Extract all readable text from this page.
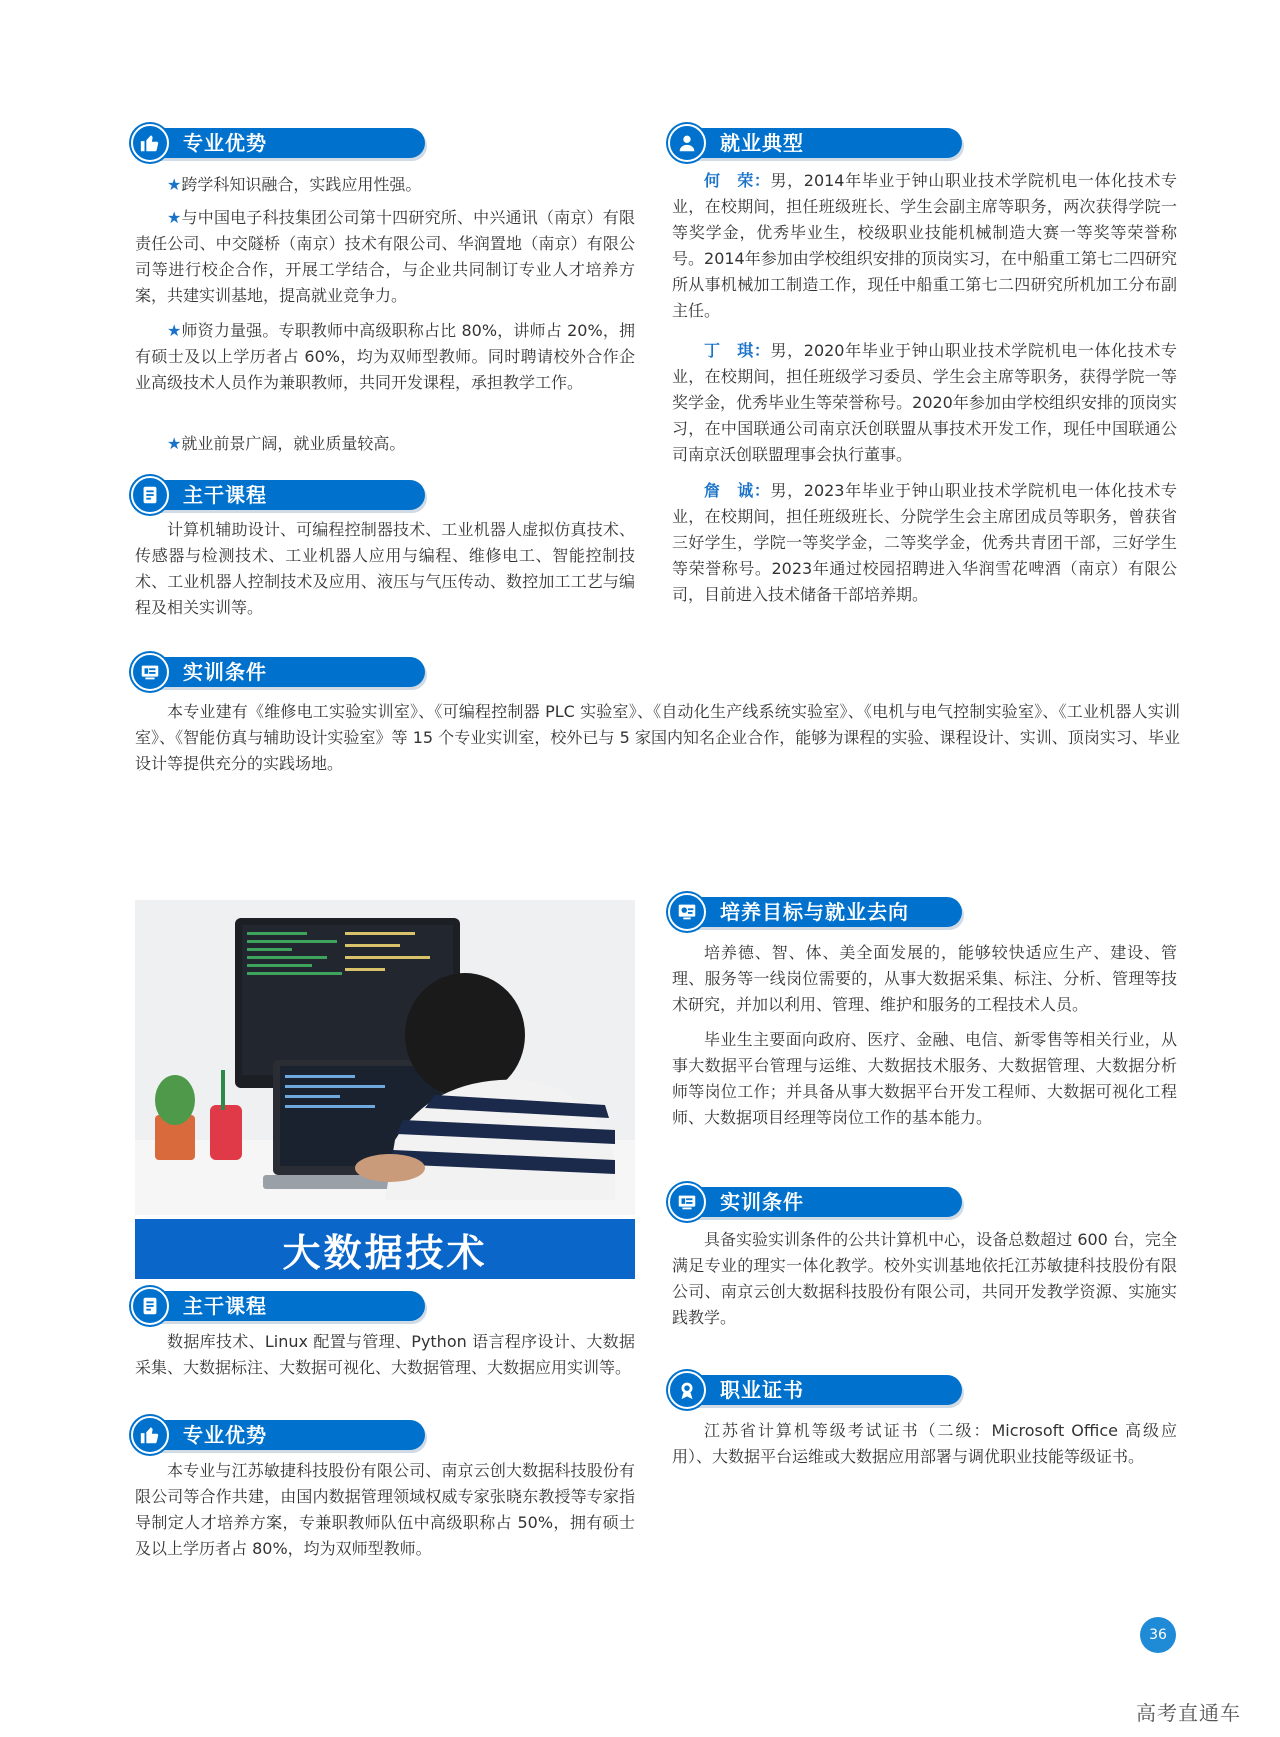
专业优势

★跨学科知识融合，实践应用性强。

★与中国电子科技集团公司第十四研究所、中兴通讯（南京）有限责任公司、中交隧桥（南京）技术有限公司、华润置地（南京）有限公司等进行校企合作，开展工学结合，与企业共同制订专业人才培养方案，共建实训基地，提高就业竞争力。

★师资力量强。专职教师中高级职称占比 80%，讲师占 20%，拥有硕士及以上学历者占 60%，均为双师型教师。同时聘请校外合作企业高级技术人员作为兼职教师，共同开发课程，承担教学工作。

★就业前景广阔，就业质量较高。

主干课程

计算机辅助设计、可编程控制器技术、工业机器人虚拟仿真技术、传感器与检测技术、工业机器人应用与编程、维修电工、智能控制技术、工业机器人控制技术及应用、液压与气压传动、数控加工工艺与编程及相关实训等。

就业典型

何　荣：男，2014年毕业于钟山职业技术学院机电一体化技术专业，在校期间，担任班级班长、学生会副主席等职务，两次获得学院一等奖学金，优秀毕业生，校级职业技能机械制造大赛一等奖等荣誉称号。2014年参加由学校组织安排的顶岗实习，在中船重工第七二四研究所从事机械加工制造工作，现任中船重工第七二四研究所机加工分布副主任。

丁　琪：男，2020年毕业于钟山职业技术学院机电一体化技术专业，在校期间，担任班级学习委员、学生会主席等职务，获得学院一等奖学金，优秀毕业生等荣誉称号。2020年参加由学校组织安排的顶岗实习，在中国联通公司南京沃创联盟从事技术开发工作，现任中国联通公司南京沃创联盟理事会执行董事。

詹　诚：男，2023年毕业于钟山职业技术学院机电一体化技术专业，在校期间，担任班级班长、分院学生会主席团成员等职务，曾获省三好学生，学院一等奖学金，二等奖学金，优秀共青团干部，三好学生等荣誉称号。2023年通过校园招聘进入华润雪花啤酒（南京）有限公司，目前进入技术储备干部培养期。

实训条件

本专业建有《维修电工实验实训室》、《可编程控制器 PLC 实验室》、《自动化生产线系统实验室》、《电机与电气控制实验室》、《工业机器人实训室》、《智能仿真与辅助设计实验室》等 15 个专业实训室，校外已与 5 家国内知名企业合作，能够为课程的实验、课程设计、实训、顶岗实习、毕业设计等提供充分的实践场地。

大数据技术
主干课程

数据库技术、Linux 配置与管理、Python 语言程序设计、大数据采集、大数据标注、大数据可视化、大数据管理、大数据应用实训等。

专业优势

本专业与江苏敏捷科技股份有限公司、南京云创大数据科技股份有限公司等合作共建，由国内数据管理领域权威专家张晓东教授等专家指导制定人才培养方案，专兼职教师队伍中高级职称占 50%，拥有硕士及以上学历者占 80%，均为双师型教师。

培养目标与就业去向

培养德、智、体、美全面发展的，能够较快适应生产、建设、管理、服务等一线岗位需要的，从事大数据采集、标注、分析、管理等技术研究，并加以利用、管理、维护和服务的工程技术人员。

毕业生主要面向政府、医疗、金融、电信、新零售等相关行业，从事大数据平台管理与运维、大数据技术服务、大数据管理、大数据分析师等岗位工作；并具备从事大数据平台开发工程师、大数据可视化工程师、大数据项目经理等岗位工作的基本能力。

实训条件

具备实验实训条件的公共计算机中心，设备总数超过 600 台，完全满足专业的理实一体化教学。校外实训基地依托江苏敏捷科技股份有限公司、南京云创大数据科技股份有限公司，共同开发教学资源、实施实践教学。

职业证书

江苏省计算机等级考试证书（二级：Microsoft Office 高级应用）、大数据平台运维或大数据应用部署与调优职业技能等级证书。

36
高考直通车
